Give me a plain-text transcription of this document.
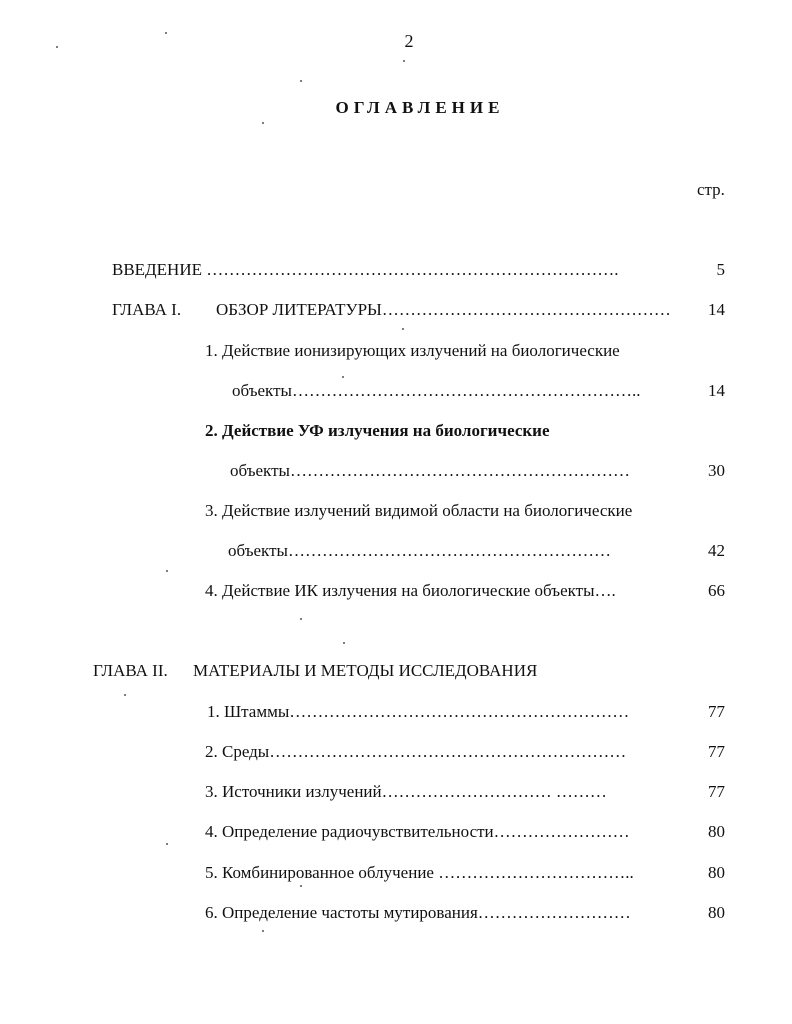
2
ОГЛАВЛЕНИЕ
стр.
ВВЕДЕНИЕ ……………………………………………………………….	5
ГЛАВА I. ОБЗОР ЛИТЕРАТУРЫ…………………………………………… 14
1. Действие ионизирующих излучений на биологические
объекты……………………………………………………..	14
2. Действие УФ излучения на биологические
объекты……………………………………………………	30
3. Действие излучений видимой области на биологические
объекты…………………………………………………	42
4. Действие ИК излучения на биологические объекты….	66
ГЛАВА II. МАТЕРИАЛЫ И МЕТОДЫ ИССЛЕДОВАНИЯ
1. Штаммы……………………………………………………	77
2. Среды………………………………………………………	77
3. Источники излучений………………………… ………	77
4. Определение радиочувствительности……………………	80
5. Комбинированное облучение ……………………………..	80
6. Определение частоты мутирования………………………	80
